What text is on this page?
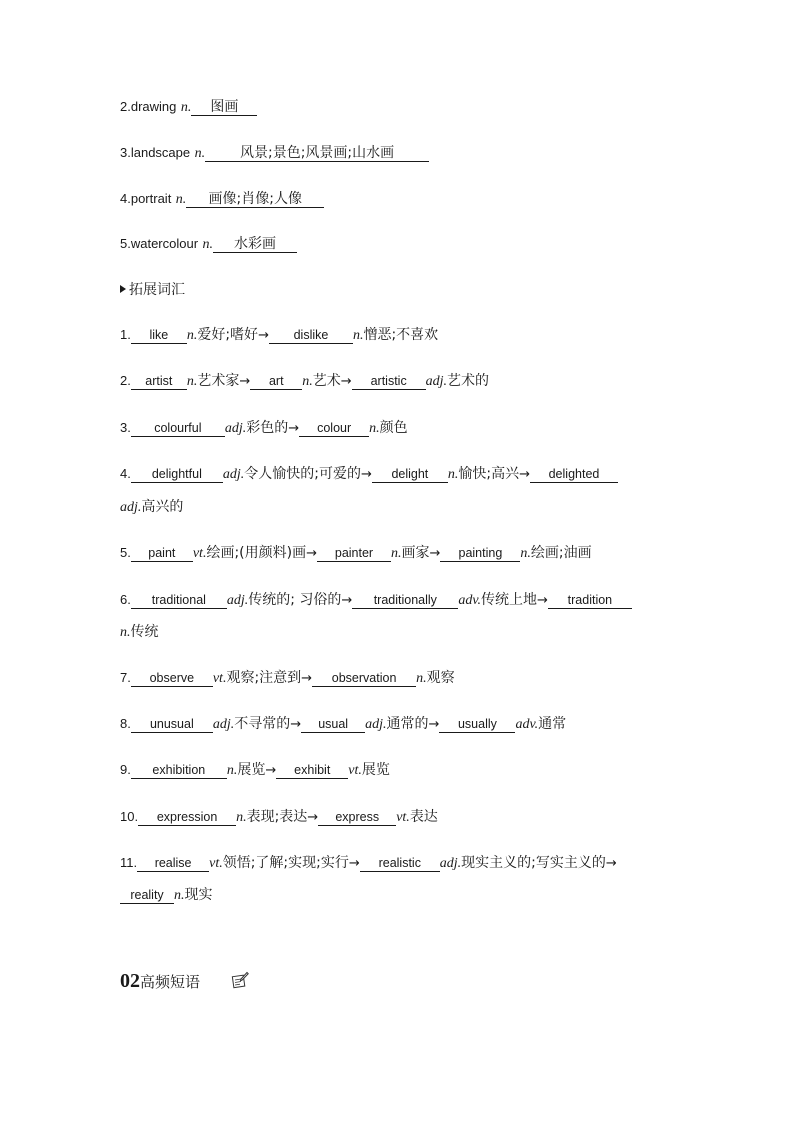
2.drawing n. 图画
3.landscape n. 风景;景色;风景画;山水画
4.portrait n. 画像;肖像;人像
5.watercolour n. 水彩画
拓展词汇
1. like n.爱好;嗜好→ dislike n.憎恶;不喜欢
2. artist n.艺术家→ art n.艺术→ artistic adj.艺术的
3. colourful adj.彩色的→ colour n.颜色
4. delightful adj.令人愉快的;可爱的→ delight n.愉快;高兴→ delighted
adj.高兴的
5. paint vt.绘画;(用颜料)画→ painter n.画家→ painting n.绘画;油画
6. traditional adj.传统的; 习俗的→ traditionally adv.传统上地→ tradition
n.传统
7. observe vt.观察;注意到→ observation n.观察
8. unusual adj.不寻常的→ usual adj.通常的→ usually adv.通常
9. exhibition n.展览→ exhibit vt.展览
10. expression n.表现;表达→ express vt.表达
11. realise vt.领悟;了解;实现;实行→ realistic adj.现实主义的;写实主义的→
reality n.现实
02高频短语
